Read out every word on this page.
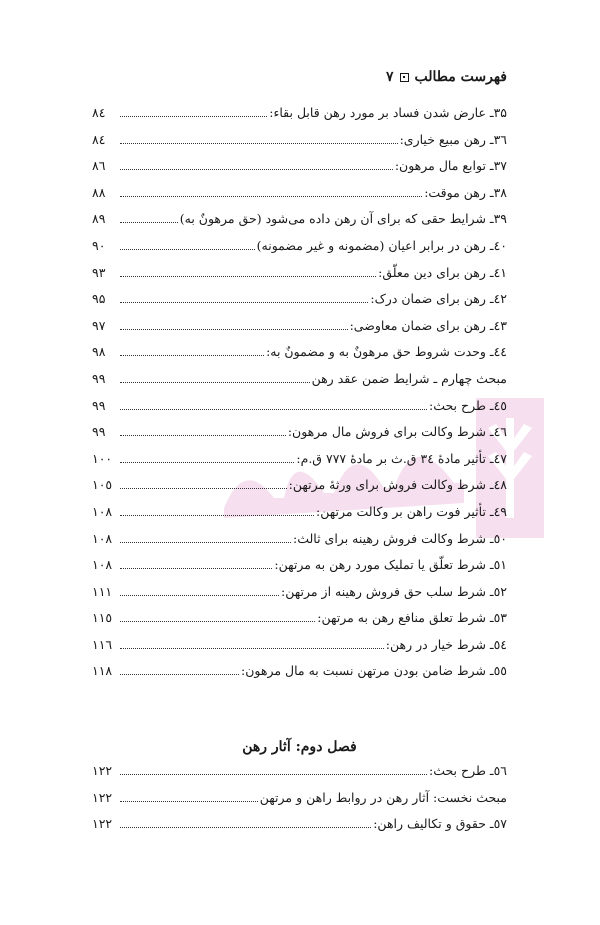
فهرست مطالب
۷
۳۵ـ عارض شدن فساد بر مورد رهن قابل بقاء:
۸٤
۳٦ـ رهن مبیع خیاری:
۸٤
۳۷ـ توابع مال مرهون:
۸٦
۳۸ـ رهن موقت:
۸۸
۳۹ـ شرایط حقی که برای آن رهن داده می‌شود (حق مرهونٌ به)
۸۹
٤٠ـ رهن در برابر اعیان (مضمونه و غیر مضمونه)
۹۰
٤۱ـ رهن برای دین معلّق:
۹۳
٤۲ـ رهن برای ضمان درک:
۹۵
٤۳ـ رهن برای ضمان معاوضی:
۹۷
٤٤ـ وحدت شروط حق مرهونٌ به و مضمونٌ به:
۹۸
مبحث چهارم ـ شرایط ضمن عقد رهن
۹۹
٤٥ـ طرح بحث:
۹۹
٤٦ـ شرط وکالت برای فروش مال مرهون:
۹۹
٤۷ـ تأثیر مادهٔ ۳٤ ق.ث بر مادهٔ ۷۷۷ ق.م:
۱۰۰
٤۸ـ شرط وکالت فروش برای ورثهٔ مرتهن:
۱۰٥
٤۹ـ تأثیر فوت راهن بر وکالت مرتهن:
۱۰۸
٥٠ـ شرط وکالت فروش رهینه برای ثالث:
۱۰۸
٥۱ـ شرط تعلّق یا تملیک مورد رهن به مرتهن:
۱۰۸
٥۲ـ شرط سلب حق فروش رهینه از مرتهن:
۱۱۱
٥۳ـ شرط تعلق منافع رهن به مرتهن:
۱۱٥
٥٤ـ شرط خیار در رهن:
۱۱٦
٥٥ـ شرط ضامن بودن مرتهن نسبت به مال مرهون:
۱۱۸
فصل دوم: آثار رهن
٥٦ـ طرح بحث:
۱۲۲
مبحث نخست: آثار رهن در روابط راهن و مرتهن
۱۲۲
٥۷ـ حقوق و تکالیف راهن:
۱۲۲
